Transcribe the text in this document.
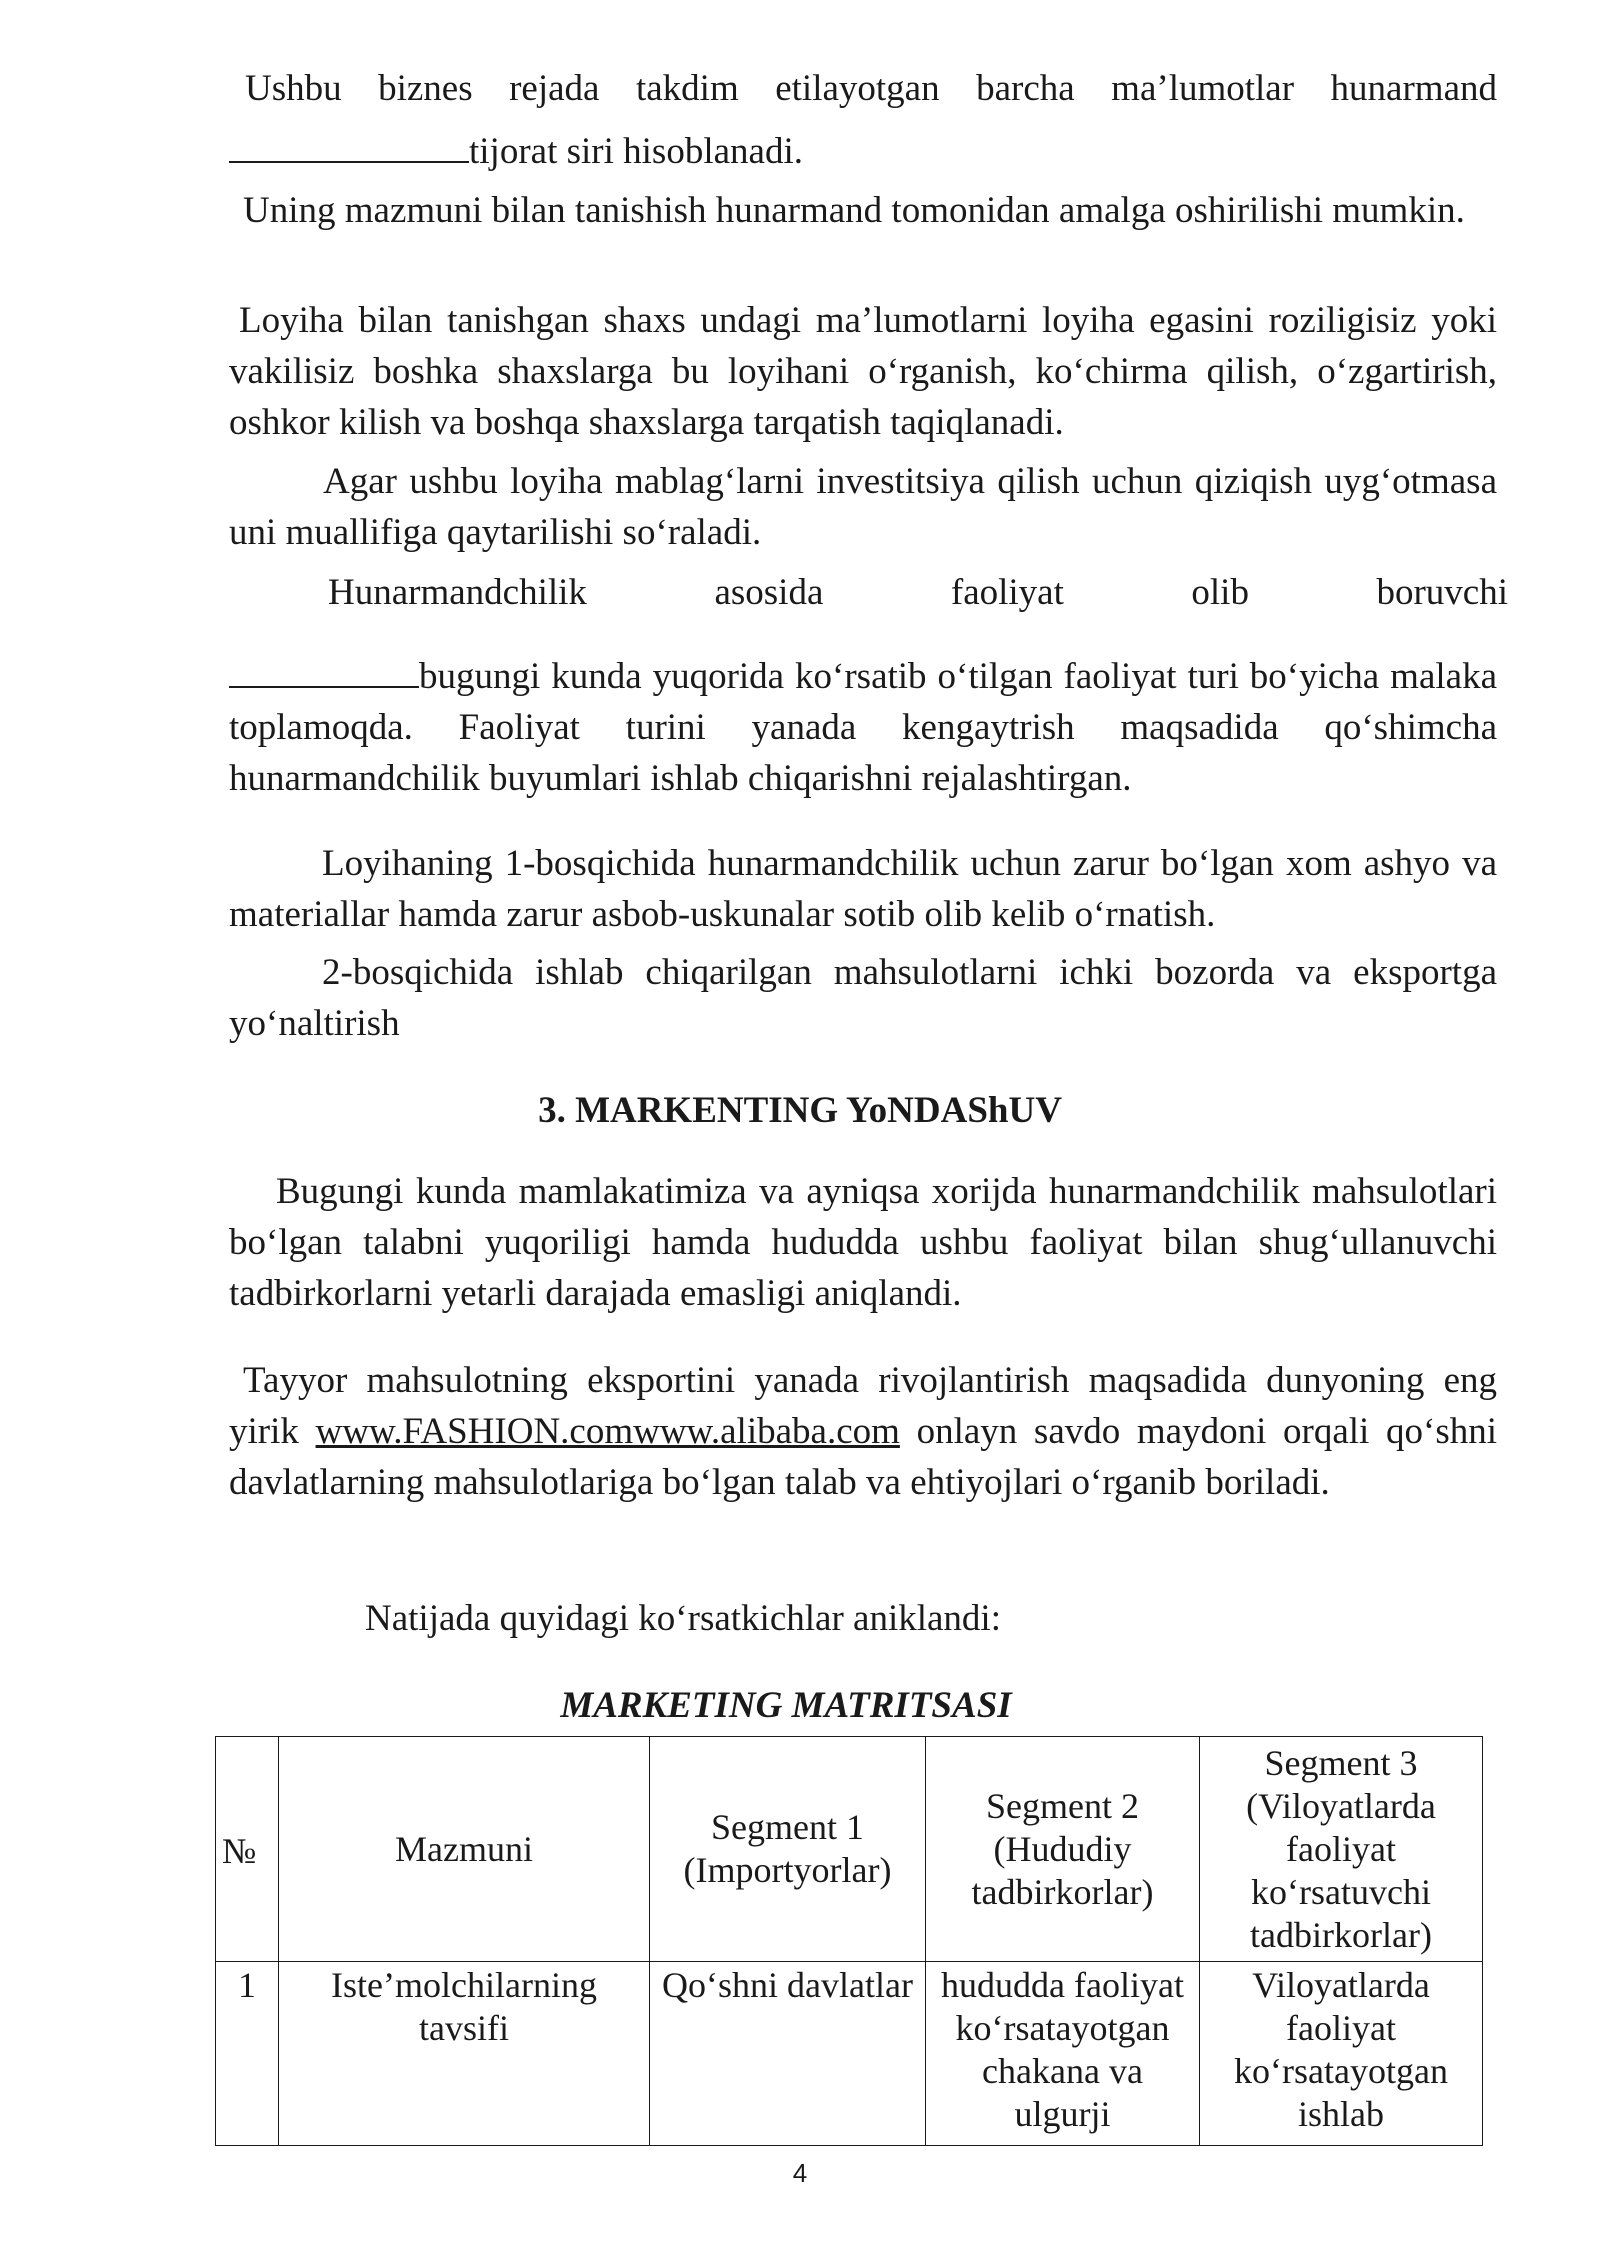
Ushbu biznes rejada takdim etilayotgan barcha ma’lumotlar hunarmand

tijorat siri hisoblanadi.

Uning mazmuni bilan tanishish hunarmand tomonidan amalga oshirilishi mumkin.

Loyiha bilan tanishgan shaxs undagi ma’lumotlarni loyiha egasini roziligisiz yoki vakilisiz boshka shaxslarga bu loyihani o‘rganish, ko‘chirma qilish, o‘zgartirish, oshkor kilish va boshqa shaxslarga tarqatish taqiqlanadi.

Agar ushbu loyiha mablag‘larni investitsiya qilish uchun qiziqish uyg‘otmasa uni muallifiga qaytarilishi so‘raladi.

Hunarmandchilik	asosida	faoliyat	olib	boruvchi

bugungi kunda yuqorida ko‘rsatib o‘tilgan faoliyat turi bo‘yicha malaka toplamoqda. Faoliyat turini yanada kengaytrish maqsadida qo‘shimcha hunarmandchilik buyumlari ishlab chiqarishni rejalashtirgan.

Loyihaning 1-bosqichida hunarmandchilik uchun zarur bo‘lgan xom ashyo va materiallar hamda zarur asbob-uskunalar sotib olib kelib o‘rnatish.

2-bosqichida ishlab chiqarilgan mahsulotlarni ichki bozorda va eksportga yo‘naltirish

3. MARKENTING YoNDAShUV

Bugungi kunda mamlakatimiza va ayniqsa xorijda hunarmandchilik mahsulotlari bo‘lgan talabni yuqoriligi hamda hududda ushbu faoliyat bilan shug‘ullanuvchi tadbirkorlarni yetarli darajada emasligi aniqlandi.

Tayyor mahsulotning eksportini yanada rivojlantirish maqsadida dunyoning eng yirik www.FASHION.comwww.alibaba.com onlayn savdo maydoni orqali qo‘shni davlatlarning mahsulotlariga bo‘lgan talab va ehtiyojlari o‘rganib boriladi.

Natijada quyidagi ko‘rsatkichlar aniklandi:

MARKETING MATRITSASI
№	Mazmuni	Segment 1 (Importyorlar)	Segment 2 (Hududiy tadbirkorlar)	Segment 3 (Viloyatlarda faoliyat ko‘rsatuvchi tadbirkorlar)
1	Iste’molchilarning tavsifi	Qo‘shni davlatlar	hududda faoliyat ko‘rsatayotgan chakana va ulgurji	Viloyatlarda faoliyat ko‘rsatayotgan ishlab
4
